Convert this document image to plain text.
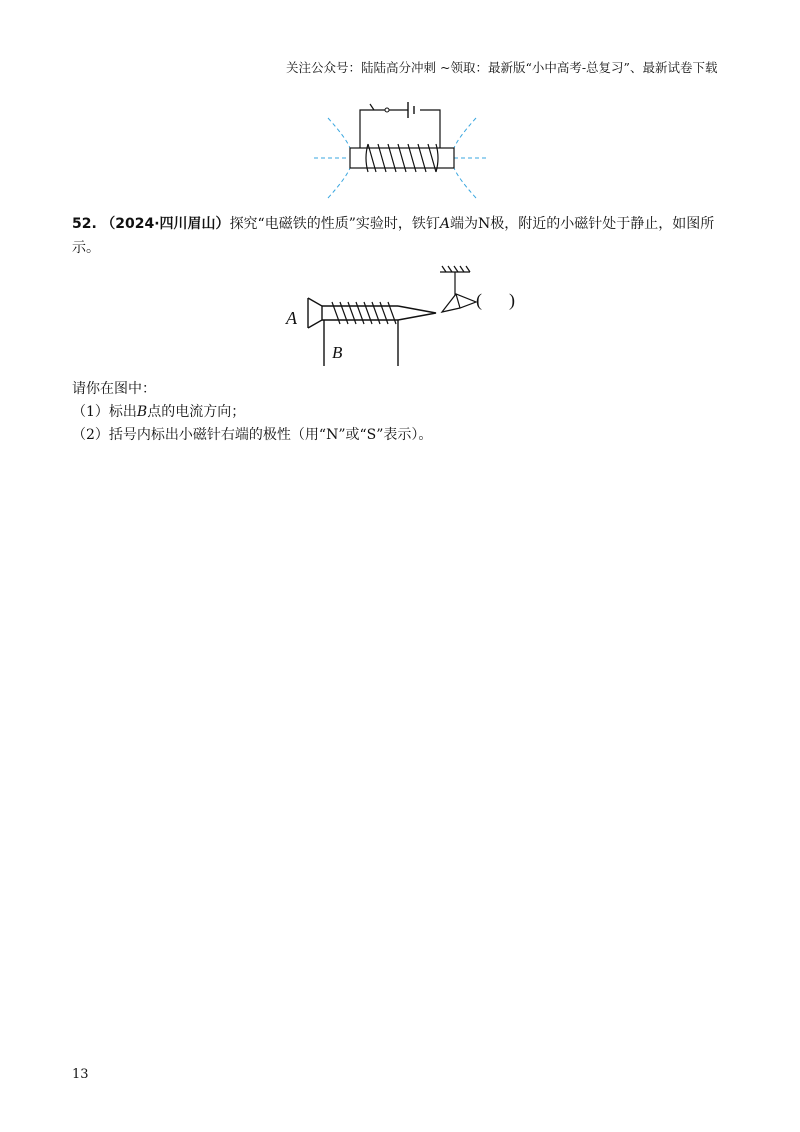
关注公众号：陆陆高分冲刺 ~领取：最新版“小中高考-总复习”、最新试卷下载
52. （2024·四川眉山）探究“电磁铁的性质”实验时，铁钉A端为N极，附近的小磁针处于静止，如图所示。
A
B
(      )
请你在图中：
（1）标出B点的电流方向；
（2）括号内标出小磁针右端的极性（用“N”或“S”表示）。
13
